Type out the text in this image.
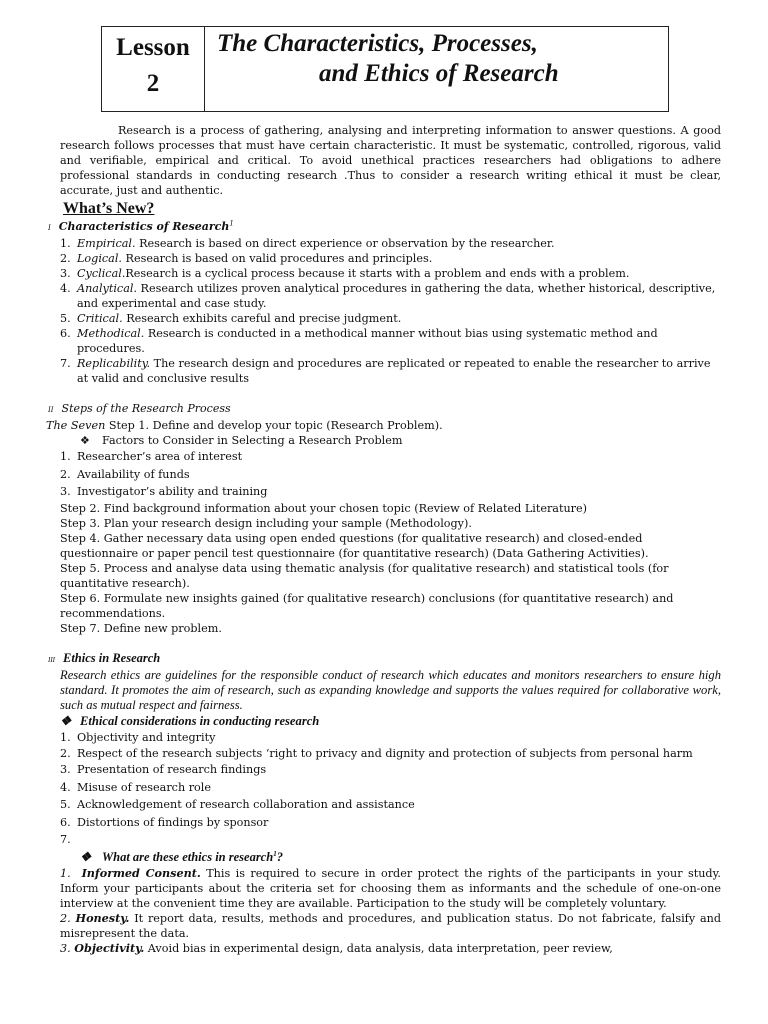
Lesson
2
The Characteristics, Processes,
and Ethics of Research

Research is a process of gathering, analysing and interpreting information to answer questions. A good research follows processes that must have certain characteristic. It must be systematic, controlled, rigorous, valid and verifiable, empirical and critical. To avoid unethical practices researchers had obligations to adhere professional standards in conducting research .Thus to consider a research writing ethical it must be clear, accurate, just and authentic.

What’s New?
I Characteristics of Research$^1$
1. Empirical. Research is based on direct experience or observation by the researcher.
2. Logical. Research is based on valid procedures and principles.
3. Cyclical.Research is a cyclical process because it starts with a problem and ends with a problem.
4. Analytical. Research utilizes proven analytical procedures in gathering the data, whether historical, descriptive, and experimental and case study.
5. Critical. Research exhibits careful and precise judgment.
6. Methodical. Research is conducted in a methodical manner without bias using systematic method and procedures.
7. Replicability. The research design and procedures are replicated or repeated to enable the researcher to arrive at valid and conclusive results
II Steps of the Research Process
The Seven Step 1. Define and develop your topic (Research Problem).
❖ Factors to Consider in Selecting a Research Problem
1. Researcher’s area of interest
2. Availability of funds
3. Investigator’s ability and training

Step 2. Find background information about your chosen topic (Review of Related Literature)

Step 3. Plan your research design including your sample (Methodology).

Step 4. Gather necessary data using open ended questions (for qualitative research) and closed-ended questionnaire or paper pencil test questionnaire (for quantitative research) (Data Gathering Activities).

Step 5. Process and analyse data using thematic analysis (for qualitative research) and statistical tools (for quantitative research).

Step 6. Formulate new insights gained (for qualitative research) conclusions (for quantitative research) and recommendations.

Step 7. Define new problem.

III Ethics in Research

Research ethics are guidelines for the responsible conduct of research which educates and monitors researchers to ensure high standard. It promotes the aim of research, such as expanding knowledge and supports the values required for collaborative work, such as mutual respect and fairness.

❖ Ethical considerations in conducting research
1. Objectivity and integrity
2. Respect of the research subjects ‘right to privacy and dignity and protection of subjects from personal harm
3. Presentation of research findings
4. Misuse of research role
5. Acknowledgement of research collaboration and assistance
6. Distortions of findings by sponsor
7.
❖ What are these ethics in research$^1$?

1. Informed Consent. This is required to secure in order protect the rights of the participants in your study. Inform your participants about the criteria set for choosing them as informants and the schedule of one-on-one interview at the convenient time they are available. Participation to the study will be completely voluntary.

2. Honesty. It report data, results, methods and procedures, and publication status. Do not fabricate, falsify and misrepresent the data.

3. Objectivity. Avoid bias in experimental design, data analysis, data interpretation, peer review,
